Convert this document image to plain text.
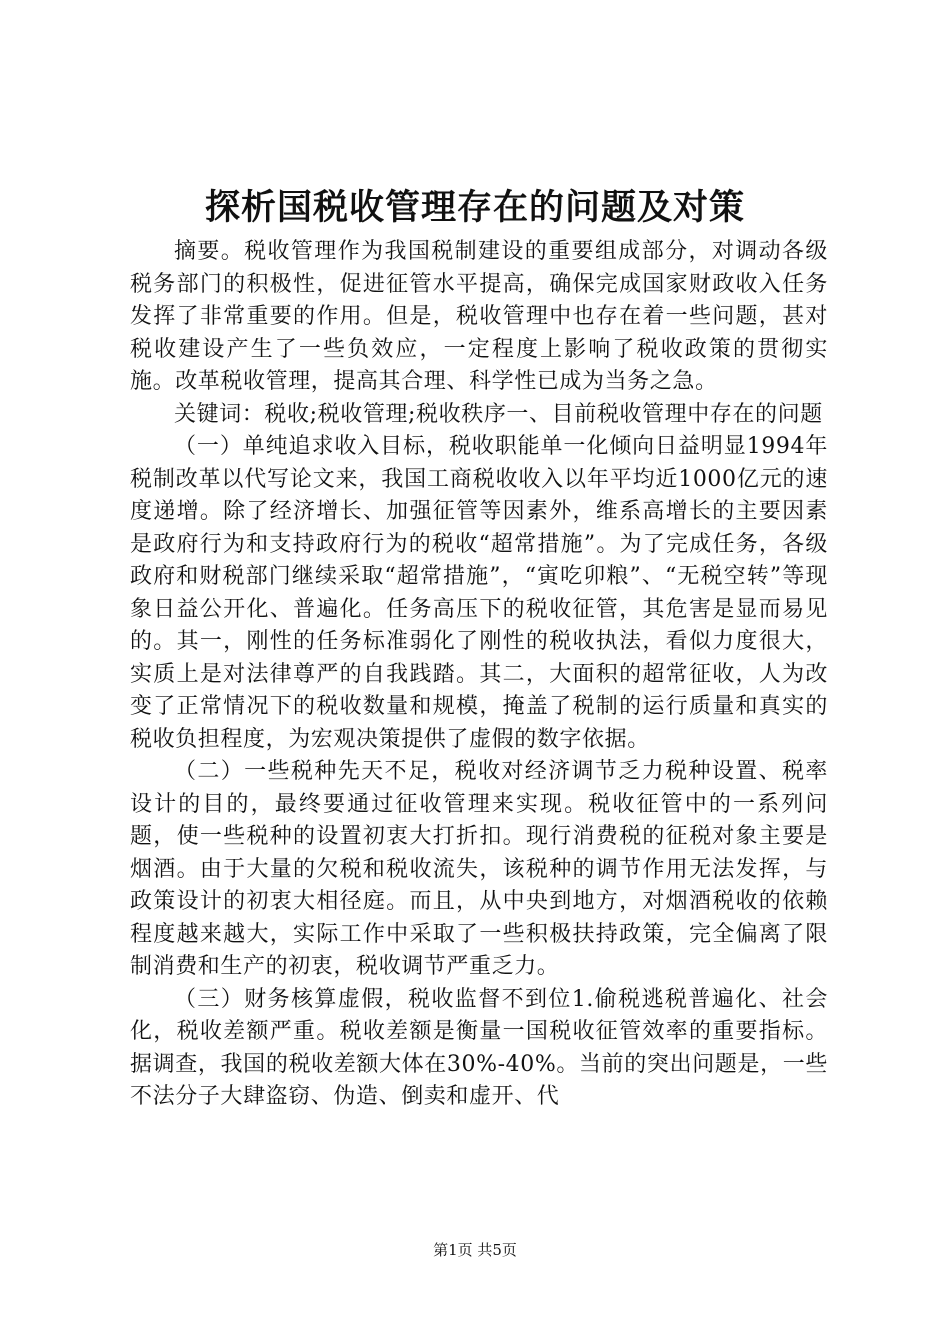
探析国税收管理存在的问题及对策

摘要。税收管理作为我国税制建设的重要组成部分，对调动各级税务部门的积极性，促进征管水平提高，确保完成国家财政收入任务发挥了非常重要的作用。但是，税收管理中也存在着一些问题，甚对税收建设产生了一些负效应，一定程度上影响了税收政策的贯彻实施。改革税收管理，提高其合理、科学性已成为当务之急。

关键词：税收;税收管理;税收秩序一、目前税收管理中存在的问题

（一）单纯追求收入目标，税收职能单一化倾向日益明显1994年税制改革以代写论文来，我国工商税收收入以年平均近1000亿元的速度递增。除了经济增长、加强征管等因素外，维系高增长的主要因素是政府行为和支持政府行为的税收“超常措施”。为了完成任务，各级政府和财税部门继续采取“超常措施”，“寅吃卯粮”、“无税空转”等现象日益公开化、普遍化。任务高压下的税收征管，其危害是显而易见的。其一，刚性的任务标准弱化了刚性的税收执法，看似力度很大，实质上是对法律尊严的自我践踏。其二，大面积的超常征收，人为改变了正常情况下的税收数量和规模，掩盖了税制的运行质量和真实的税收负担程度，为宏观决策提供了虚假的数字依据。

（二）一些税种先天不足，税收对经济调节乏力税种设置、税率设计的目的，最终要通过征收管理来实现。税收征管中的一系列问题，使一些税种的设置初衷大打折扣。现行消费税的征税对象主要是烟酒。由于大量的欠税和税收流失，该税种的调节作用无法发挥，与政策设计的初衷大相径庭。而且，从中央到地方，对烟酒税收的依赖程度越来越大，实际工作中采取了一些积极扶持政策，完全偏离了限制消费和生产的初衷，税收调节严重乏力。

（三）财务核算虚假，税收监督不到位1.偷税逃税普遍化、社会化，税收差额严重。税收差额是衡量一国税收征管效率的重要指标。据调查，我国的税收差额大体在30%-40%。当前的突出问题是，一些不法分子大肆盗窃、伪造、倒卖和虚开、代

第1页 共5页
